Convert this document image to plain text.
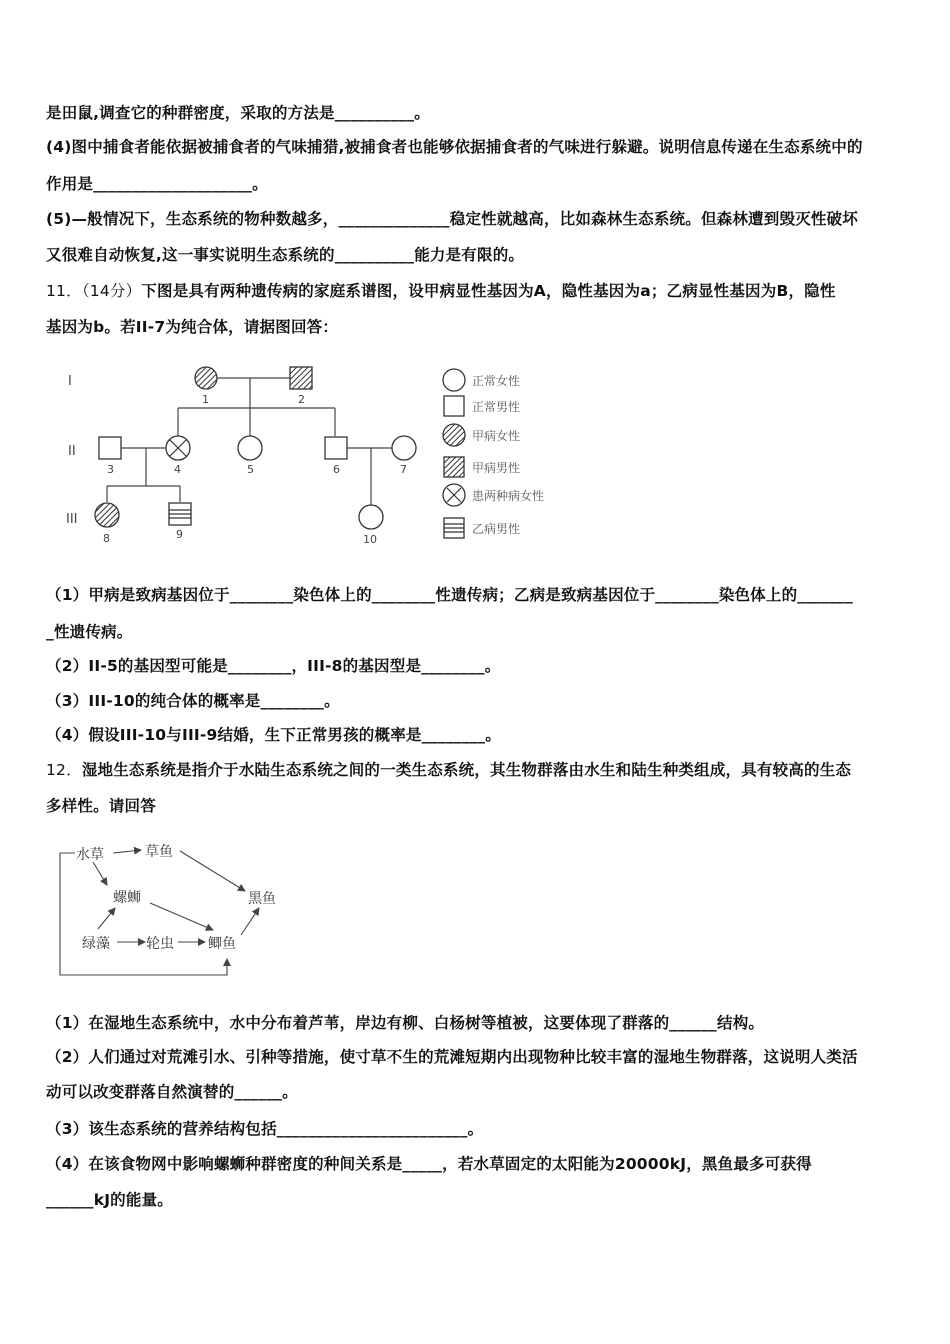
是田鼠,调查它的种群密度，采取的方法是__________。
(4)图中捕食者能依据被捕食者的气味捕猎,被捕食者也能够依据捕食者的气味进行躲避。说明信息传递在生态系统中的
作用是____________________。
(5)—般情况下，生态系统的物种数越多，______________稳定性就越高，比如森林生态系统。但森林遭到毁灭性破坏
又很难自动恢复,这一事实说明生态系统的__________能力是有限的。
11．（14分）下图是具有两种遗传病的家庭系谱图，设甲病显性基因为A，隐性基因为a；乙病显性基因为B，隐性
基因为b。若II-7为纯合体，请据图回答：
I
II
III
1	2
3	4	5	6	7
8	9	10
正常女性
正常男性
甲病女性
甲病男性
患两种病女性
乙病男性
（1）甲病是致病基因位于________染色体上的________性遗传病；乙病是致病基因位于________染色体上的_______
_性遗传病。
（2）II-5的基因型可能是________，III-8的基因型是________。
（3）III-10的纯合体的概率是________。
（4）假设III-10与III-9结婚，生下正常男孩的概率是________。
12．湿地生态系统是指介于水陆生态系统之间的一类生态系统，其生物群落由水生和陆生种类组成，具有较高的生态
多样性。请回答
水草	草鱼
螺蛳	黑鱼
绿藻	轮虫 鲫鱼
（1）在湿地生态系统中，水中分布着芦苇，岸边有柳、白杨树等植被，这要体现了群落的______结构。
（2）人们通过对荒滩引水、引种等措施，使寸草不生的荒滩短期内出现物种比较丰富的湿地生物群落，这说明人类活
动可以改变群落自然演替的______。
（3）该生态系统的营养结构包括________________________。
（4）在该食物网中影响螺蛳种群密度的种间关系是_____，若水草固定的太阳能为20000kJ，黑鱼最多可获得
______kJ的能量。
